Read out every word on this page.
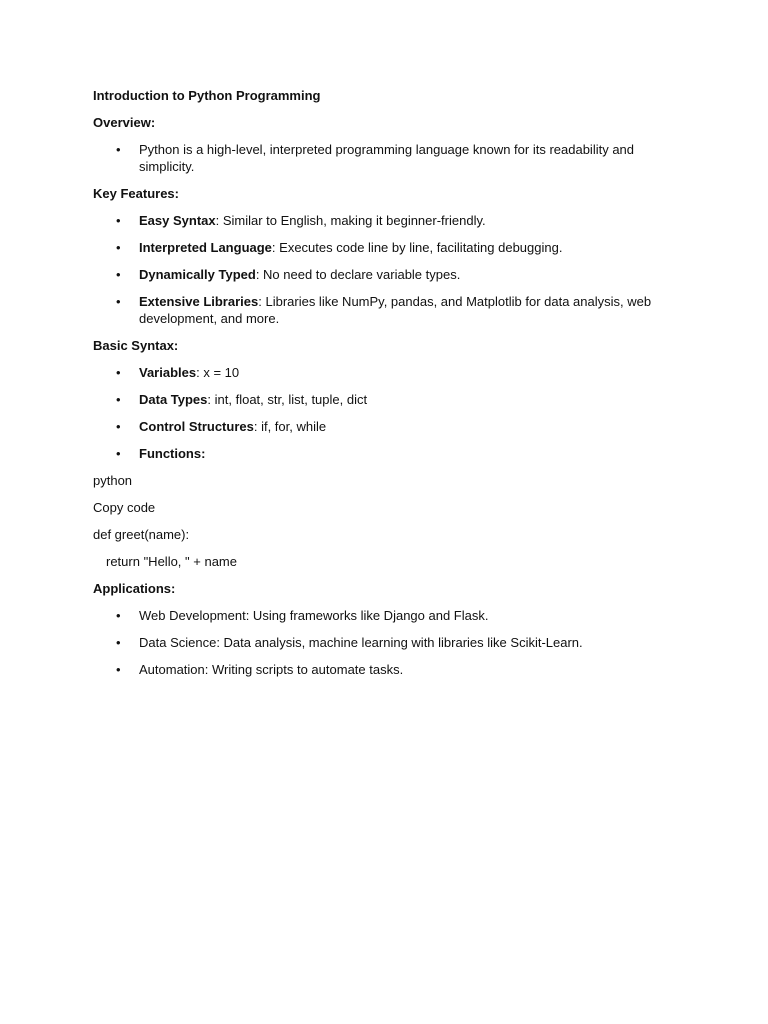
Introduction to Python Programming
Overview:
• Python is a high-level, interpreted programming language known for its readability and simplicity.
Key Features:
• Easy Syntax: Similar to English, making it beginner-friendly.
• Interpreted Language: Executes code line by line, facilitating debugging.
• Dynamically Typed: No need to declare variable types.
• Extensive Libraries: Libraries like NumPy, pandas, and Matplotlib for data analysis, web development, and more.
Basic Syntax:
• Variables: x = 10
• Data Types: int, float, str, list, tuple, dict
• Control Structures: if, for, while
• Functions:
python
Copy code
def greet(name):
return "Hello, " + name
Applications:
• Web Development: Using frameworks like Django and Flask.
• Data Science: Data analysis, machine learning with libraries like Scikit-Learn.
• Automation: Writing scripts to automate tasks.
